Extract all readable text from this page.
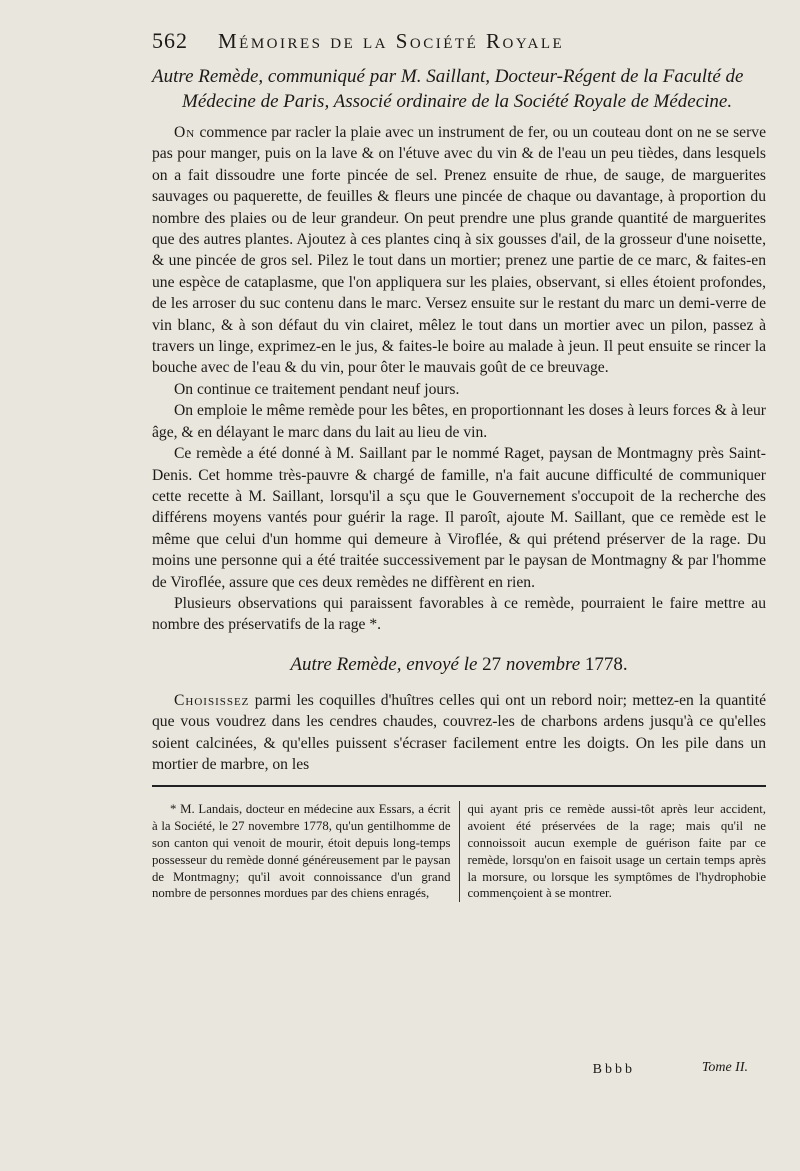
562 Mémoires de la Société Royale
Autre Remède, communiqué par M. Saillant, Docteur-Régent de la Faculté de Médecine de Paris, Associé ordinaire de la Société Royale de Médecine.

On commence par racler la plaie avec un instrument de fer, ou un couteau dont on ne se serve pas pour manger, puis on la lave & on l'étuve avec du vin & de l'eau un peu tièdes, dans lesquels on a fait dissoudre une forte pincée de sel. Prenez ensuite de rhue, de sauge, de marguerites sauvages ou paquerette, de feuilles & fleurs une pincée de chaque ou davantage, à proportion du nombre des plaies ou de leur grandeur. On peut prendre une plus grande quantité de marguerites que des autres plantes. Ajoutez à ces plantes cinq à six gousses d'ail, de la grosseur d'une noisette, & une pincée de gros sel. Pilez le tout dans un mortier; prenez une partie de ce marc, & faites-en une espèce de cataplasme, que l'on appliquera sur les plaies, observant, si elles étoient profondes, de les arroser du suc contenu dans le marc. Versez ensuite sur le restant du marc un demi-verre de vin blanc, & à son défaut du vin clairet, mêlez le tout dans un mortier avec un pilon, passez à travers un linge, exprimez-en le jus, & faites-le boire au malade à jeun. Il peut ensuite se rincer la bouche avec de l'eau & du vin, pour ôter le mauvais goût de ce breuvage.

On continue ce traitement pendant neuf jours.

On emploie le même remède pour les bêtes, en proportionnant les doses à leurs forces & à leur âge, & en délayant le marc dans du lait au lieu de vin.

Ce remède a été donné à M. Saillant par le nommé Raget, paysan de Montmagny près Saint-Denis. Cet homme très-pauvre & chargé de famille, n'a fait aucune difficulté de communiquer cette recette à M. Saillant, lorsqu'il a sçu que le Gouvernement s'occupoit de la recherche des différens moyens vantés pour guérir la rage. Il paroît, ajoute M. Saillant, que ce remède est le même que celui d'un homme qui demeure à Viroflée, & qui prétend préserver de la rage. Du moins une personne qui a été traitée successivement par le paysan de Montmagny & par l'homme de Viroflée, assure que ces deux remèdes ne diffèrent en rien.

Plusieurs observations qui paraissent favorables à ce remède, pourraient le faire mettre au nombre des préservatifs de la rage *.

Autre Remède, envoyé le 27 novembre 1778.

Choisissez parmi les coquilles d'huîtres celles qui ont un rebord noir; mettez-en la quantité que vous voudrez dans les cendres chaudes, couvrez-les de charbons ardens jusqu'à ce qu'elles soient calcinées, & qu'elles puissent s'écraser facilement entre les doigts. On les pile dans un mortier de marbre, on les

* M. Landais, docteur en médecine aux Essars, a écrit à la Société, le 27 novembre 1778, qu'un gentilhomme de son canton qui venoit de mourir, étoit depuis long-temps possesseur du remède donné généreusement par le paysan de Montmagny; qu'il avoit connoissance d'un grand nombre de personnes mordues par des chiens enragés,
qui ayant pris ce remède aussi-tôt après leur accident, avoient été préservées de la rage; mais qu'il ne connoissoit aucun exemple de guérison faite par ce remède, lorsqu'on en faisoit usage un certain temps après la morsure, ou lorsque les symptômes de l'hydrophobie commençoient à se montrer.
Bbbb	Tome II.
